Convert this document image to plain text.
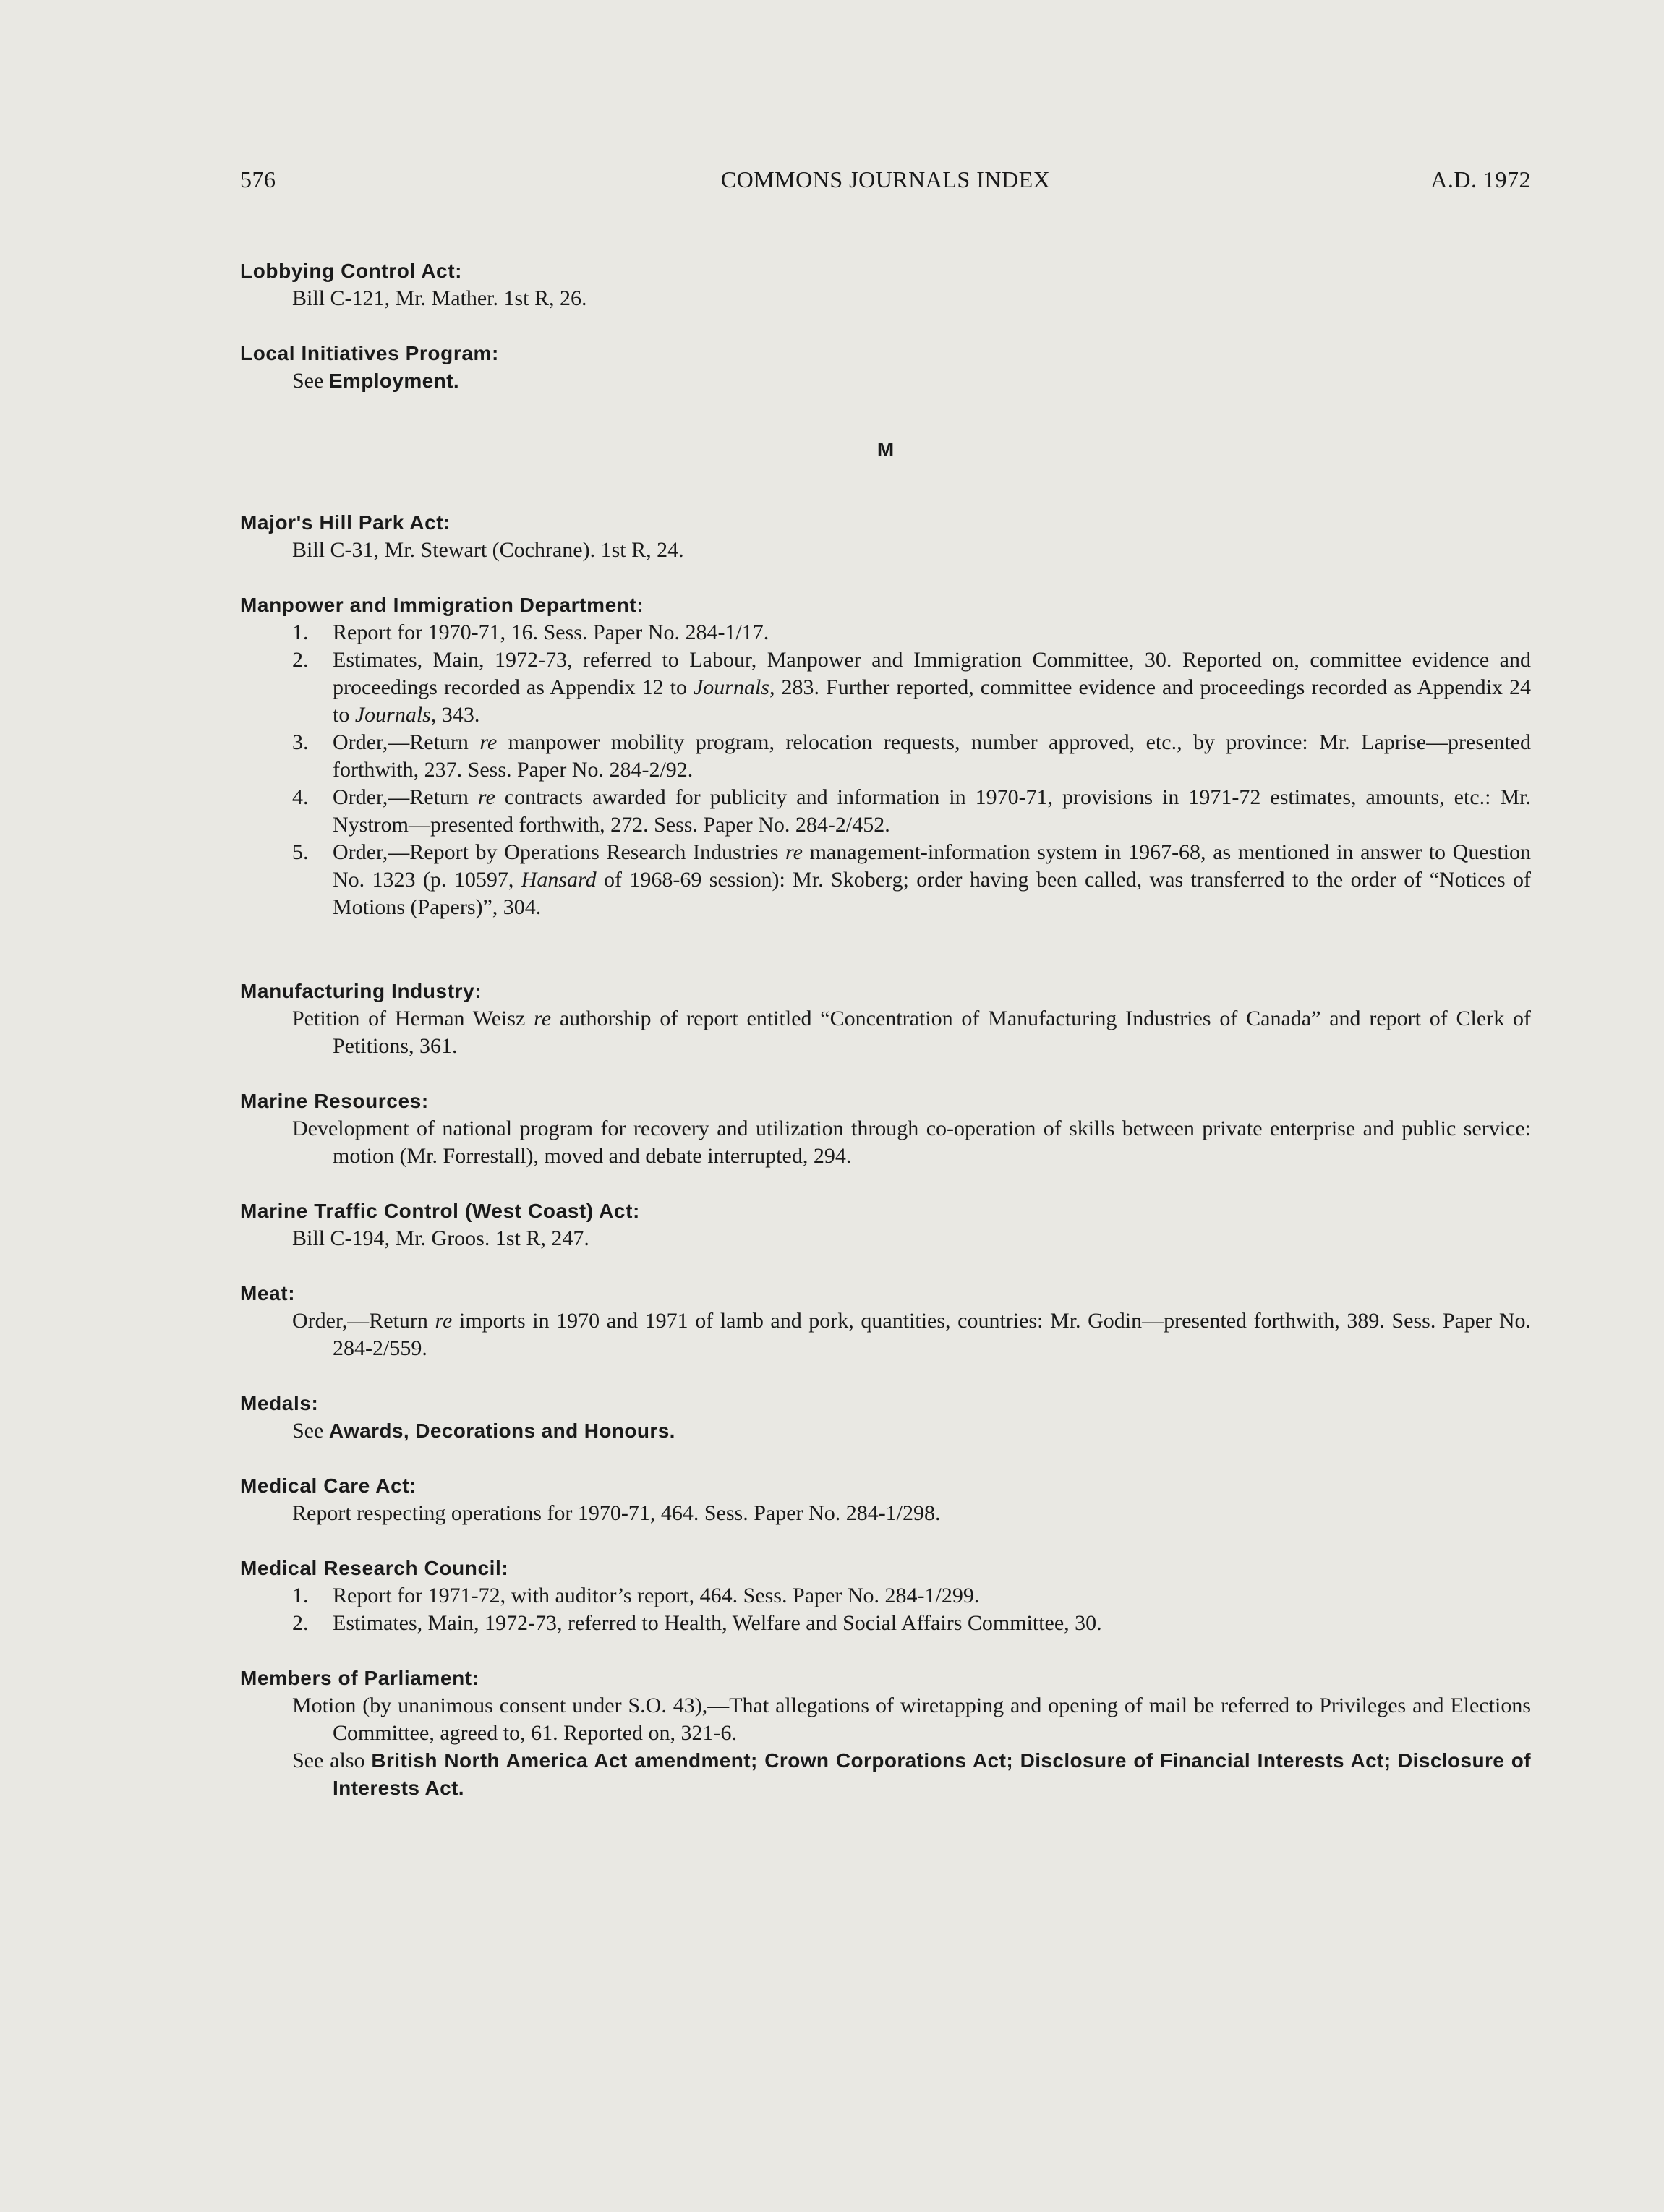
576	COMMONS JOURNALS INDEX	A.D. 1972
Lobbying Control Act:
Bill C-121, Mr. Mather. 1st R, 26.
Local Initiatives Program:
See Employment.
M
Major's Hill Park Act:
Bill C-31, Mr. Stewart (Cochrane). 1st R, 24.
Manpower and Immigration Department:
1. Report for 1970-71, 16. Sess. Paper No. 284-1/17.
2. Estimates, Main, 1972-73, referred to Labour, Manpower and Immigration Committee, 30. Reported on, committee evidence and proceedings recorded as Appendix 12 to Journals, 283. Further reported, committee evidence and proceedings recorded as Appendix 24 to Journals, 343.
3. Order,—Return re manpower mobility program, relocation requests, number approved, etc., by province: Mr. Laprise—presented forthwith, 237. Sess. Paper No. 284-2/92.
4. Order,—Return re contracts awarded for publicity and information in 1970-71, provisions in 1971-72 estimates, amounts, etc.: Mr. Nystrom—presented forthwith, 272. Sess. Paper No. 284-2/452.
5. Order,—Report by Operations Research Industries re management-information system in 1967-68, as mentioned in answer to Question No. 1323 (p. 10597, Hansard of 1968-69 session): Mr. Skoberg; order having been called, was transferred to the order of “Notices of Motions (Papers)”, 304.
Manufacturing Industry:
Petition of Herman Weisz re authorship of report entitled “Concentration of Manufacturing Industries of Canada” and report of Clerk of Petitions, 361.
Marine Resources:
Development of national program for recovery and utilization through co-operation of skills between private enterprise and public service: motion (Mr. Forrestall), moved and debate interrupted, 294.
Marine Traffic Control (West Coast) Act:
Bill C-194, Mr. Groos. 1st R, 247.
Meat:
Order,—Return re imports in 1970 and 1971 of lamb and pork, quantities, countries: Mr. Godin—presented forthwith, 389. Sess. Paper No. 284-2/559.
Medals:
See Awards, Decorations and Honours.
Medical Care Act:
Report respecting operations for 1970-71, 464. Sess. Paper No. 284-1/298.
Medical Research Council:
1. Report for 1971-72, with auditor’s report, 464. Sess. Paper No. 284-1/299.
2. Estimates, Main, 1972-73, referred to Health, Welfare and Social Affairs Committee, 30.
Members of Parliament:
Motion (by unanimous consent under S.O. 43),—That allegations of wiretapping and opening of mail be referred to Privileges and Elections Committee, agreed to, 61. Reported on, 321-6.
See also British North America Act amendment; Crown Corporations Act; Disclosure of Financial Interests Act; Disclosure of Interests Act.
